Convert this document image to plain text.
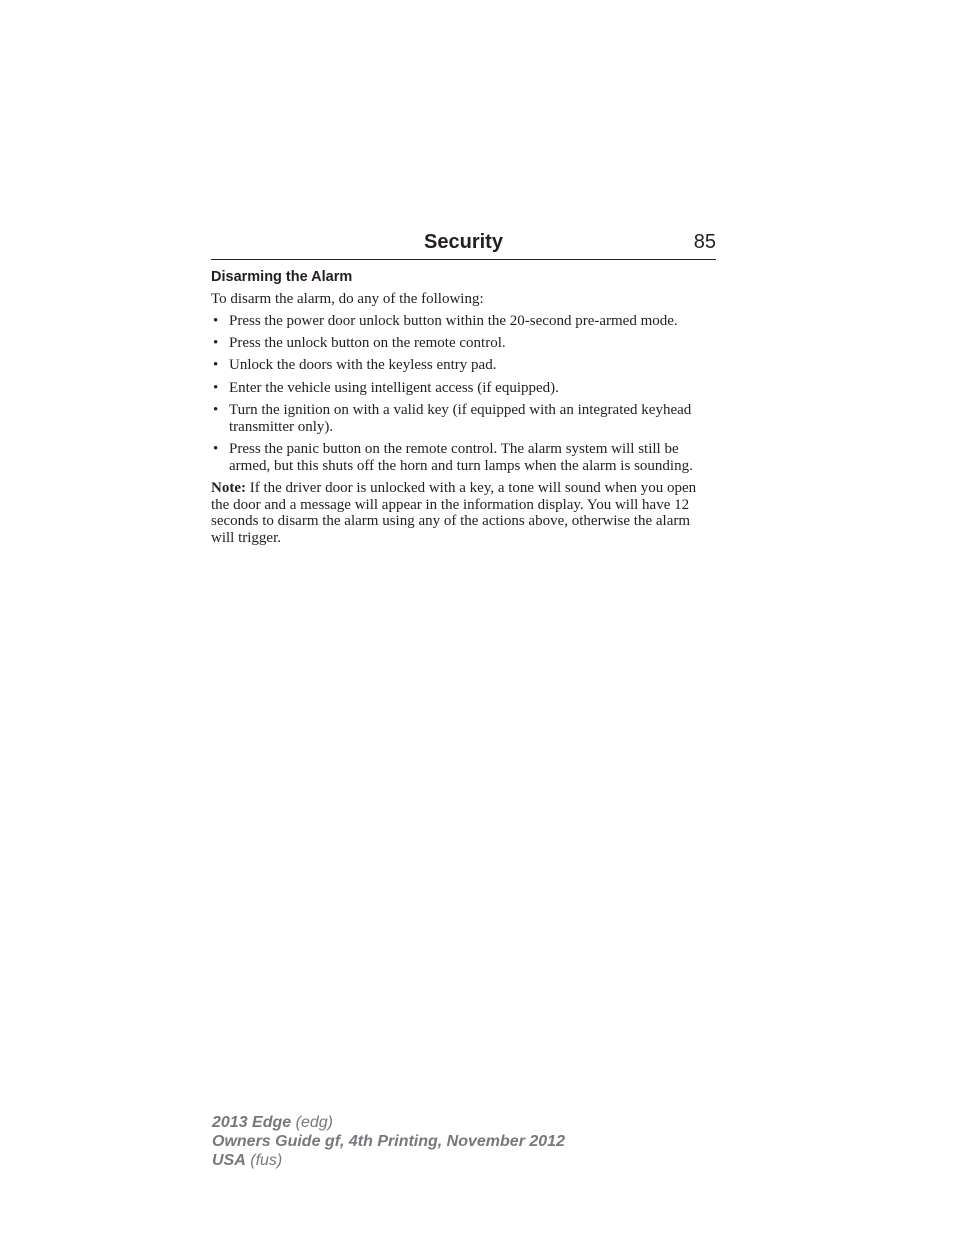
Security	85
Disarming the Alarm

To disarm the alarm, do any of the following:

• Press the power door unlock button within the 20-second pre-armed mode.
• Press the unlock button on the remote control.
• Unlock the doors with the keyless entry pad.
• Enter the vehicle using intelligent access (if equipped).
• Turn the ignition on with a valid key (if equipped with an integrated keyhead transmitter only).
• Press the panic button on the remote control. The alarm system will still be armed, but this shuts off the horn and turn lamps when the alarm is sounding.

Note: If the driver door is unlocked with a key, a tone will sound when you open the door and a message will appear in the information display. You will have 12 seconds to disarm the alarm using any of the actions above, otherwise the alarm will trigger.

2013 Edge (edg)
Owners Guide gf, 4th Printing, November 2012
USA (fus)
